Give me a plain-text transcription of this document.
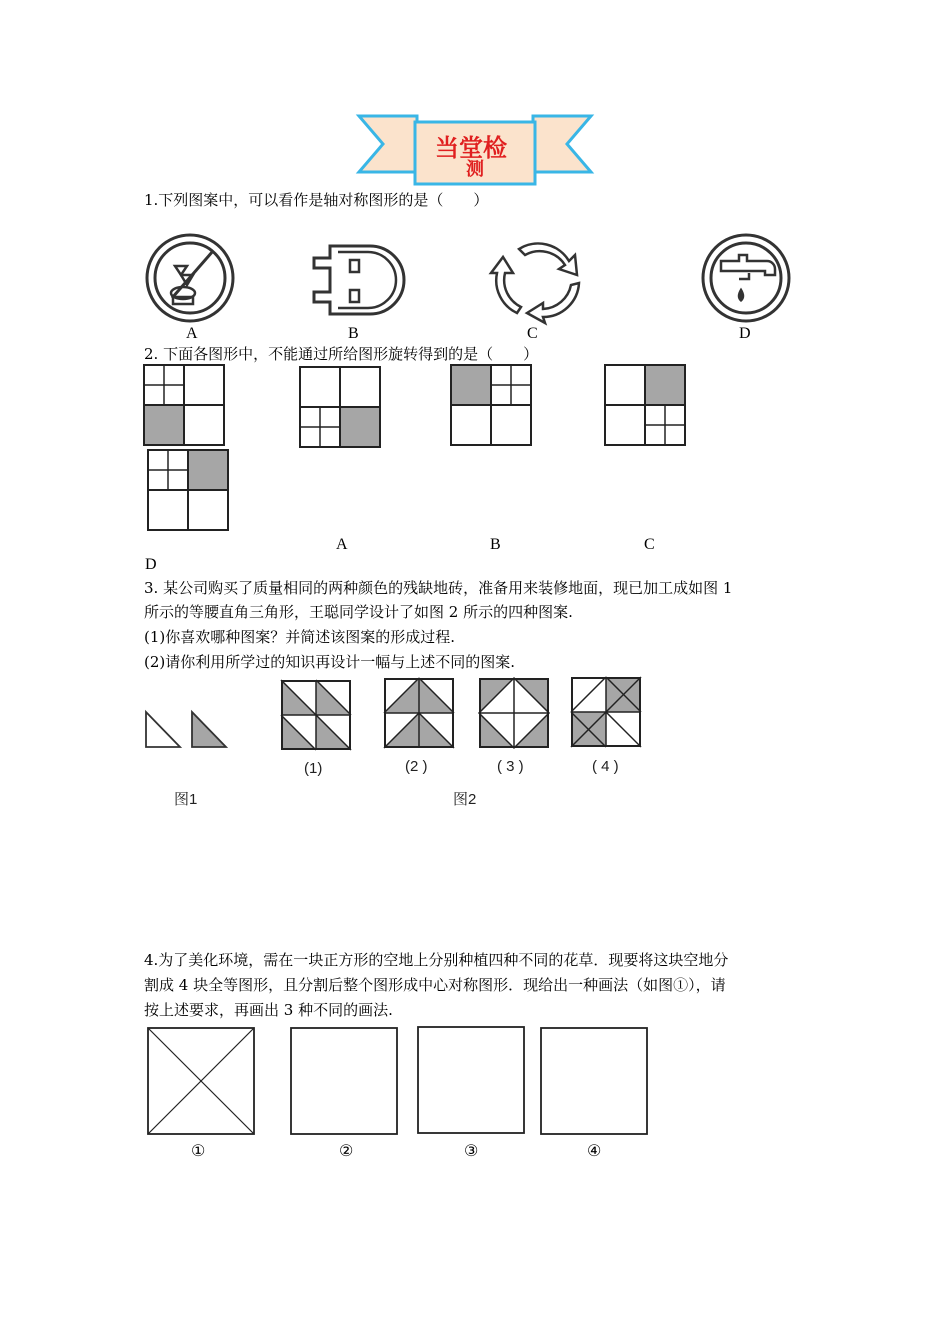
当堂检
测
1.下列图案中，可以看作是轴对称图形的是（　　）
A	B	C	D
2. 下面各图形中，不能通过所给图形旋转得到的是（　　）
A	B	C
D
3. 某公司购买了质量相同的两种颜色的残缺地砖，准备用来装修地面，现已加工成如图 1
所示的等腰直角三角形，王聪同学设计了如图 2 所示的四种图案.
(1)你喜欢哪种图案？并简述该图案的形成过程.
(2)请你利用所学过的知识再设计一幅与上述不同的图案.
(1)	(2 )	( 3 )	( 4 )
图1	图2
4.为了美化环境，需在一块正方形的空地上分别种植四种不同的花草．现要将这块空地分
割成 4 块全等图形，且分割后整个图形成中心对称图形．现给出一种画法（如图①），请
按上述要求，再画出 3 种不同的画法.
①	②	③	④
